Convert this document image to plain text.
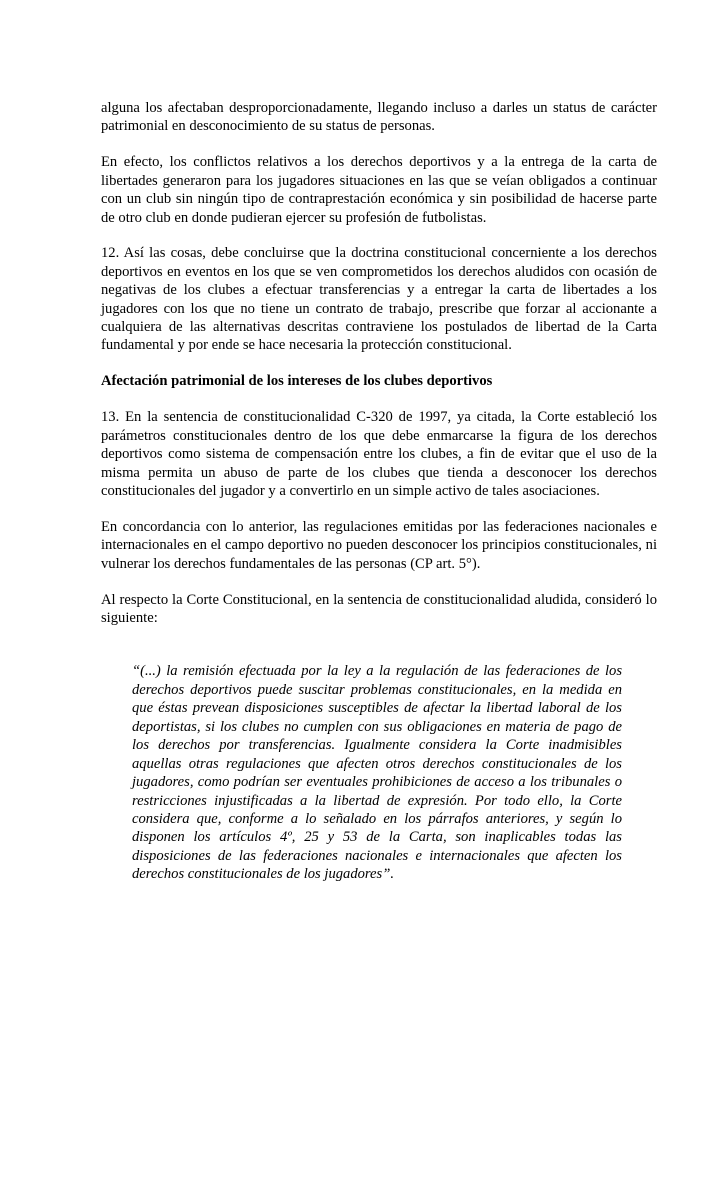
alguna los afectaban desproporcionadamente, llegando incluso a darles un status de carácter patrimonial en desconocimiento de su status de personas.

En efecto, los conflictos relativos a los derechos deportivos y a la entrega de la carta de libertades generaron para los jugadores situaciones en las que se veían obligados a continuar con un club sin ningún tipo de contraprestación económica y sin posibilidad de hacerse parte de otro club en donde pudieran ejercer su profesión de futbolistas.

12. Así las cosas, debe concluirse que la doctrina constitucional concerniente a los derechos deportivos en eventos en los que se ven comprometidos los derechos aludidos con ocasión de negativas de los clubes a efectuar transferencias y a entregar la carta de libertades a los jugadores con los que no tiene un contrato de trabajo, prescribe que forzar al accionante a cualquiera de las alternativas descritas contraviene los postulados de libertad de la Carta fundamental y por ende se hace necesaria la protección constitucional.

Afectación patrimonial de los intereses de los clubes deportivos

13. En la sentencia de constitucionalidad C-320 de 1997, ya citada, la Corte estableció los parámetros constitucionales dentro de los que debe enmarcarse la figura de los derechos deportivos como sistema de compensación entre los clubes, a fin de evitar que el uso de la misma permita un abuso de parte de los clubes que tienda a desconocer los derechos constitucionales del jugador y a convertirlo en un simple activo de tales asociaciones.

En concordancia con lo anterior, las regulaciones emitidas por las federaciones nacionales e internacionales en el campo deportivo no pueden desconocer los principios constitucionales, ni vulnerar los derechos fundamentales de las personas (CP art. 5°).

Al respecto la Corte Constitucional, en la sentencia de constitucionalidad aludida, consideró lo siguiente:

“(...) la remisión efectuada por la ley a la regulación de las federaciones de los derechos deportivos puede suscitar problemas constitucionales, en la medida en que éstas prevean disposiciones susceptibles de afectar la libertad laboral de los deportistas, si los clubes no cumplen con sus obligaciones en materia de pago de los derechos por transferencias. Igualmente considera la Corte inadmisibles aquellas otras regulaciones que afecten otros derechos constitucionales de los jugadores, como podrían ser eventuales prohibiciones de acceso a los tribunales o restricciones injustificadas a la libertad de expresión. Por todo ello, la Corte considera que, conforme a lo señalado en los párrafos anteriores, y según lo disponen los artículos 4º, 25 y 53 de la Carta, son inaplicables todas las disposiciones de las federaciones nacionales e internacionales que afecten los derechos constitucionales de los jugadores”.
